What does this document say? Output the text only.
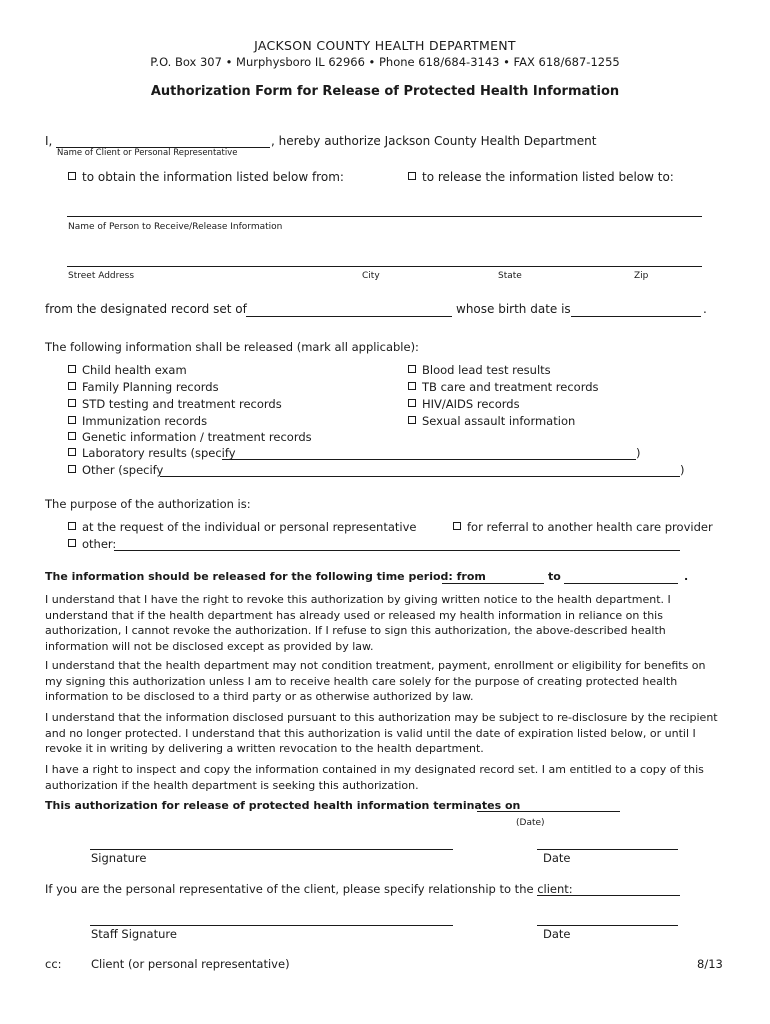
JACKSON COUNTY HEALTH DEPARTMENT
P.O. Box 307 • Murphysboro IL 62966 • Phone 618/684-3143 • FAX 618/687-1255
Authorization Form for Release of Protected Health Information
I,	, hereby authorize Jackson County Health Department
Name of Client or Personal Representative
to obtain the information listed below from:	to release the information listed below to:
Name of Person to Receive/Release Information
Street Address	City	State	Zip
from the designated record set of	whose birth date is	.
The following information shall be released (mark all applicable):
Child health exam
Family Planning records
STD testing and treatment records
Immunization records
Genetic information / treatment records
Laboratory results (specify	)
Other (specify	)
Blood lead test results
TB care and treatment records
HIV/AIDS records
Sexual assault information
The purpose of the authorization is:
at the request of the individual or personal representative	for referral to another health care provider
other:
The information should be released for the following time period: from	to	.
I understand that I have the right to revoke this authorization by giving written notice to the health department. I understand that if the health department has already used or released my health information in reliance on this authorization, I cannot revoke the authorization. If I refuse to sign this authorization, the above-described health information will not be disclosed except as provided by law.
I understand that the health department may not condition treatment, payment, enrollment or eligibility for benefits on my signing this authorization unless I am to receive health care solely for the purpose of creating protected health information to be disclosed to a third party or as otherwise authorized by law.
I understand that the information disclosed pursuant to this authorization may be subject to re-disclosure by the recipient and no longer protected. I understand that this authorization is valid until the date of expiration listed below, or until I revoke it in writing by delivering a written revocation to the health department.
I have a right to inspect and copy the information contained in my designated record set. I am entitled to a copy of this authorization if the health department is seeking this authorization.
This authorization for release of protected health information terminates on
(Date)
Signature	Date
If you are the personal representative of the client, please specify relationship to the client:
Staff Signature	Date
cc:	Client (or personal representative)	8/13
